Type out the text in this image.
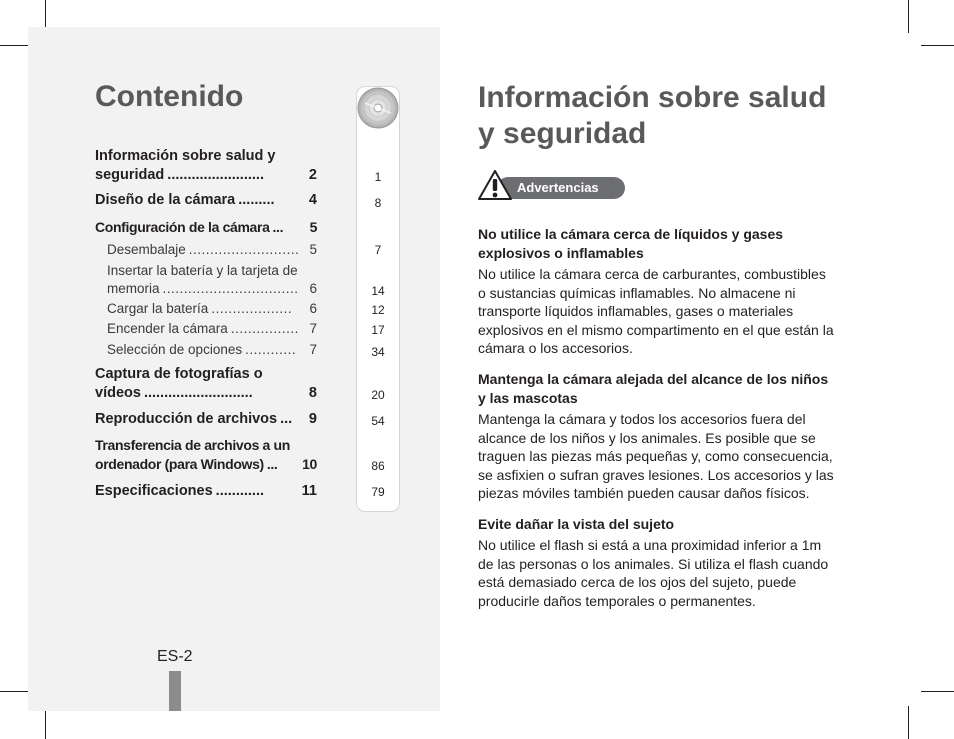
Contenido
Información sobre salud y
seguridad ........................	2
Diseño de la cámara .........	4
Configuración de la cámara ...	5
Desembalaje .......................... 5
Insertar la batería y la tarjeta de
memoria ................................ 6
Cargar la batería ...................	6
Encender la cámara ................ 7
Selección de opciones ............ 7
Captura de fotografías o
vídeos ...........................	8
Reproducción de archivos ...	9
Transferencia de archivos a un
ordenador (para Windows) ...	10
Especificaciones ............	11
1
8
7
14
12
17
34
20
54
86
79
ES-2
Información sobre salud
y seguridad
Advertencias
No utilice la cámara cerca de líquidos y gases
explosivos o inflamables
No utilice la cámara cerca de carburantes, combustibles
o sustancias químicas inflamables. No almacene ni
transporte líquidos inflamables, gases o materiales
explosivos en el mismo compartimento en el que están la
cámara o los accesorios.
Mantenga la cámara alejada del alcance de los niños
y las mascotas
Mantenga la cámara y todos los accesorios fuera del
alcance de los niños y los animales. Es posible que se
traguen las piezas más pequeñas y, como consecuencia,
se asfixien o sufran graves lesiones. Los accesorios y las
piezas móviles también pueden causar daños físicos.
Evite dañar la vista del sujeto
No utilice el flash si está a una proximidad inferior a 1m
de las personas o los animales. Si utiliza el flash cuando
está demasiado cerca de los ojos del sujeto, puede
producirle daños temporales o permanentes.
